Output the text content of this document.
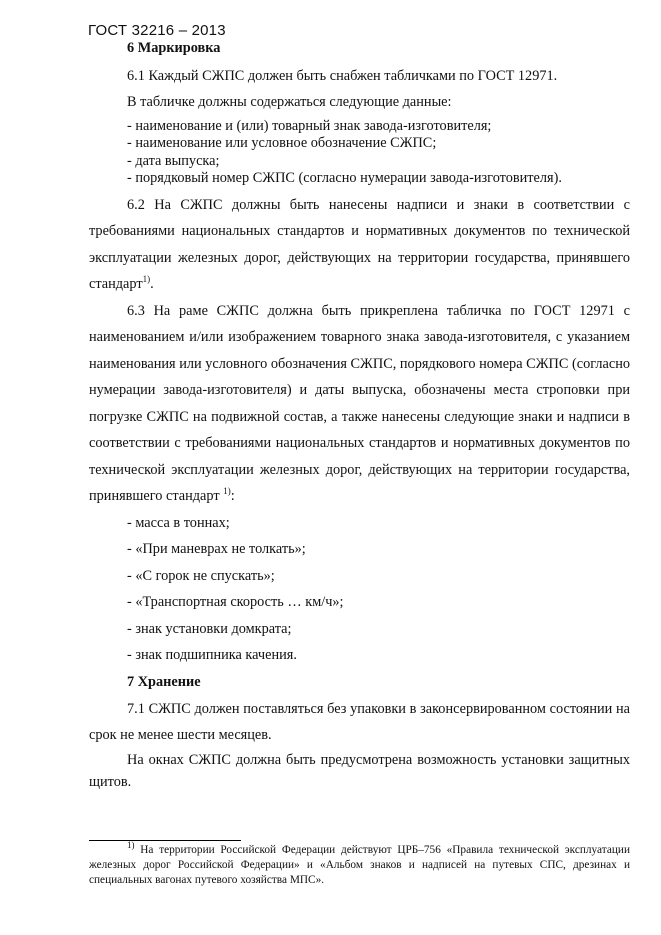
ГОСТ 32216 – 2013

6 Маркировка

6.1 Каждый СЖПС должен быть снабжен табличками по ГОСТ 12971.

В табличке должны содержаться следующие данные:

- наименование и (или) товарный знак завода-изготовителя;

- наименование или условное обозначение СЖПС;

- дата выпуска;

- порядковый номер СЖПС (согласно нумерации завода-изготовителя).

6.2 На СЖПС должны быть нанесены надписи и знаки в соответствии с требованиями национальных стандартов и нормативных документов по технической эксплуатации железных дорог, действующих на территории государства, принявшего стандарт$^{1)}$.

6.3 На раме СЖПС должна быть прикреплена табличка по ГОСТ 12971 с наименованием и/или изображением товарного знака завода-изготовителя, с указанием наименования или условного обозначения СЖПС, порядкового номера СЖПС (согласно нумерации завода-изготовителя) и даты выпуска, обозначены места строповки при погрузке СЖПС на подвижной состав, а также нанесены следующие знаки и надписи в соответствии с требованиями национальных стандартов и нормативных документов по технической эксплуатации железных дорог, действующих на территории государства, принявшего стандарт $^{1)}$:

- масса в тоннах;

- «При маневрах не толкать»;

- «С горок не спускать»;

- «Транспортная скорость … км/ч»;

- знак установки домкрата;

- знак подшипника качения.

7 Хранение

7.1 СЖПС должен поставляться без упаковки в законсервированном состоянии на срок не менее шести месяцев.

На окнах СЖПС должна быть предусмотрена возможность установки защитных щитов.

$^{1)}$ На территории Российской Федерации действуют ЦРБ–756 «Правила технической эксплуатации железных дорог Российской Федерации» и «Альбом знаков и надписей на путевых СПС, дрезинах и специальных вагонах путевого хозяйства МПС».
